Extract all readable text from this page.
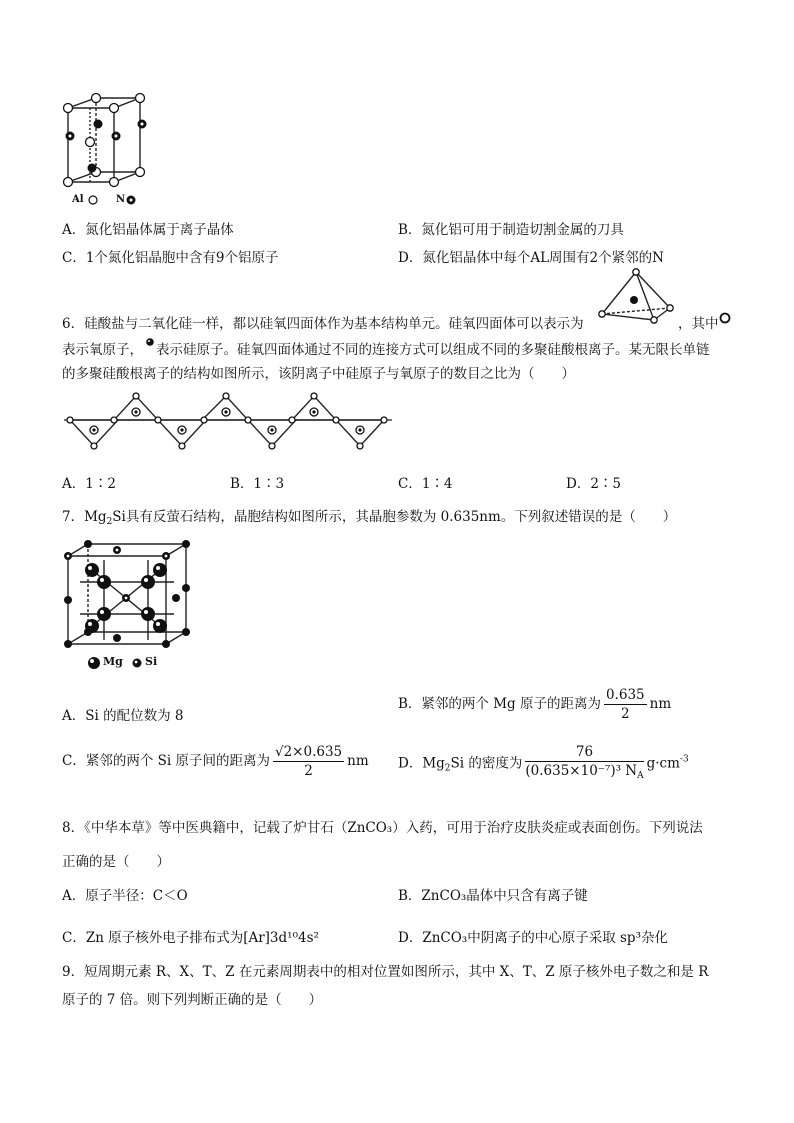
Al	N
A．氮化铝晶体属于离子晶体	B．氮化铝可用于制造切割金属的刀具
C．1个氮化铝晶胞中含有9个铝原子	D．氮化铝晶体中每个AL周围有2个紧邻的N
6．硅酸盐与二氧化硅一样，都以硅氧四面体作为基本结构单元。硅氧四面体可以表示为	，其中
表示氧原子， 表示硅原子。硅氧四面体通过不同的连接方式可以组成不同的多聚硅酸根离子。某无限长单链
的多聚硅酸根离子的结构如图所示，该阴离子中硅原子与氧原子的数目之比为（　　）
A．1∶2	B．1∶3	C．1∶4	D．2∶5
7．$Mg_2Si$具有反萤石结构，晶胞结构如图所示，其晶胞参数为 0.635nm。下列叙述错误的是（　　）
Mg Si
A．Si 的配位数为 8
B．紧邻的两个 Mg 原子的距离为 $\frac{0.635}{2}$ nm
C．紧邻的两个 Si 原子间的距离为 $\frac{√2\times 0.635}{2}$ nm D．$Mg_2Si$ 的密度为 $\frac{76}{(0.635\times 10^{-7})^3 N_A} g\cdot cm^{-3}$
8．《中华本草》等中医典籍中，记载了炉甘石（ZnCO₃）入药，可用于治疗皮肤炎症或表面创伤。下列说法
正确的是（　　）
A．原子半径：C＜O	B．ZnCO₃晶体中只含有离子键
C．Zn 原子核外电子排布式为[Ar]3d¹⁰4s²	D．ZnCO₃中阴离子的中心原子采取 sp³杂化
9．短周期元素 R、X、T、Z 在元素周期表中的相对位置如图所示，其中 X、T、Z 原子核外电子数之和是 R
原子的 7 倍。则下列判断正确的是（　　）
